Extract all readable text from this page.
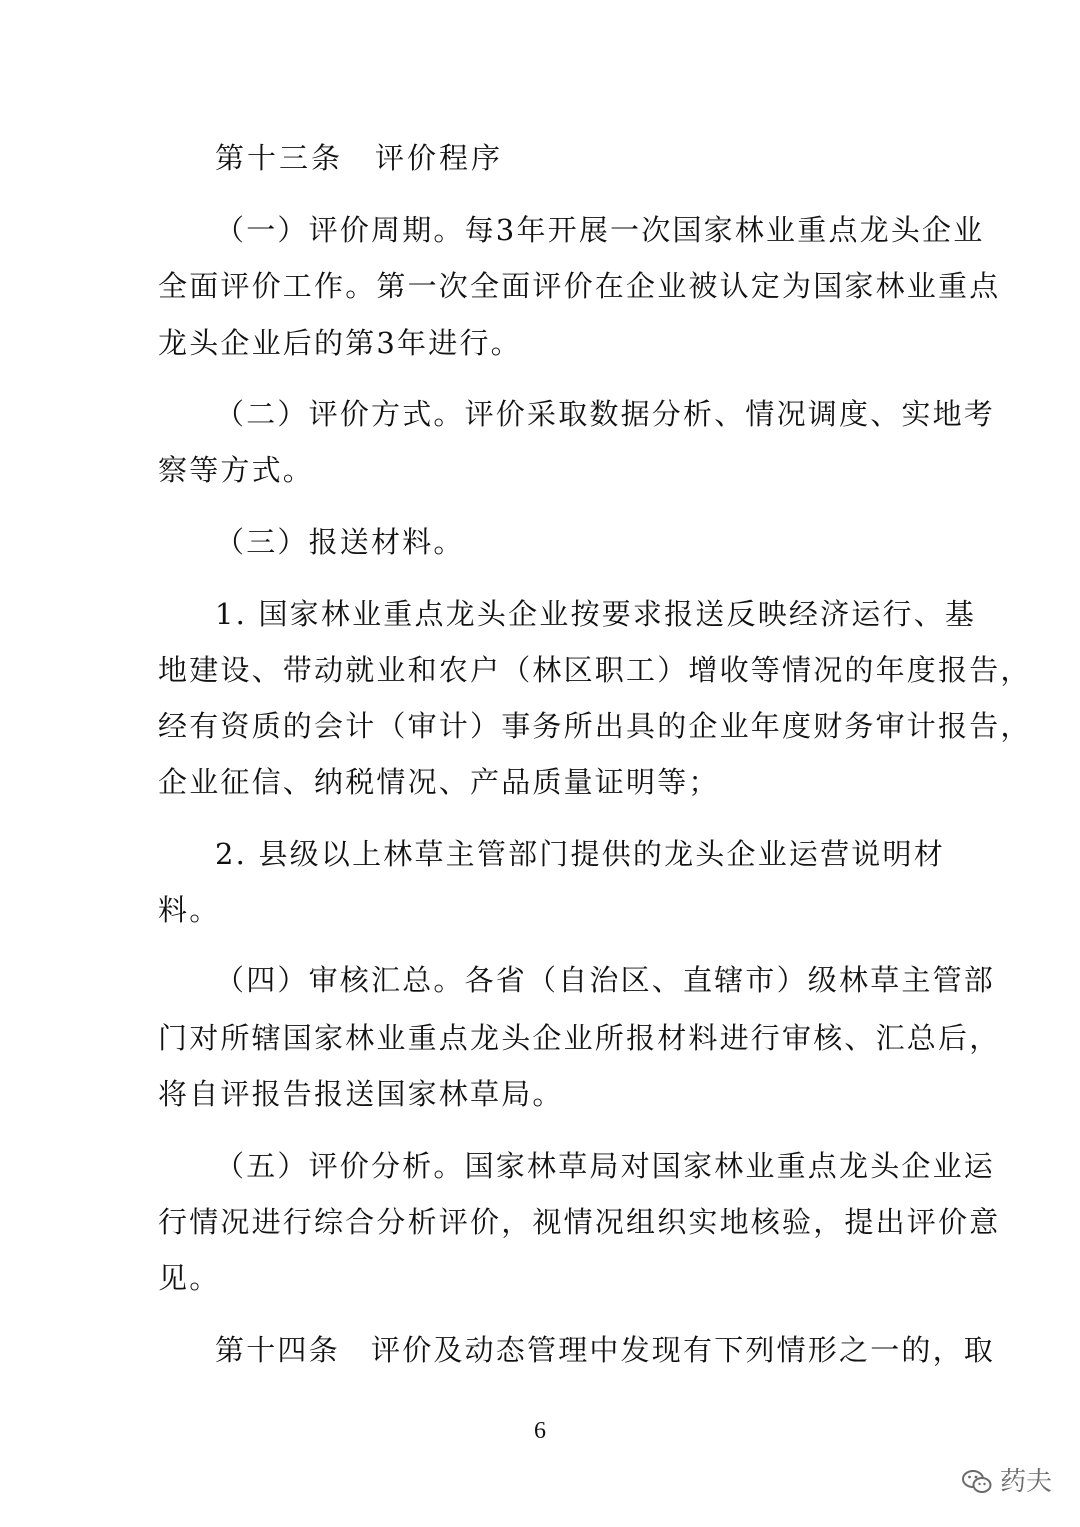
第十三条　评价程序
（一）评价周期。每3年开展一次国家林业重点龙头企业
全面评价工作。第一次全面评价在企业被认定为国家林业重点
龙头企业后的第3年进行。
（二）评价方式。评价采取数据分析、情况调度、实地考
察等方式。
（三）报送材料。
1. 国家林业重点龙头企业按要求报送反映经济运行、基
地建设、带动就业和农户（林区职工）增收等情况的年度报告，
经有资质的会计（审计）事务所出具的企业年度财务审计报告，
企业征信、纳税情况、产品质量证明等；
2. 县级以上林草主管部门提供的龙头企业运营说明材
料。
（四）审核汇总。各省（自治区、直辖市）级林草主管部
门对所辖国家林业重点龙头企业所报材料进行审核、汇总后，
将自评报告报送国家林草局。
（五）评价分析。国家林草局对国家林业重点龙头企业运
行情况进行综合分析评价，视情况组织实地核验，提出评价意
见。
第十四条　评价及动态管理中发现有下列情形之一的，取
6
药夫
